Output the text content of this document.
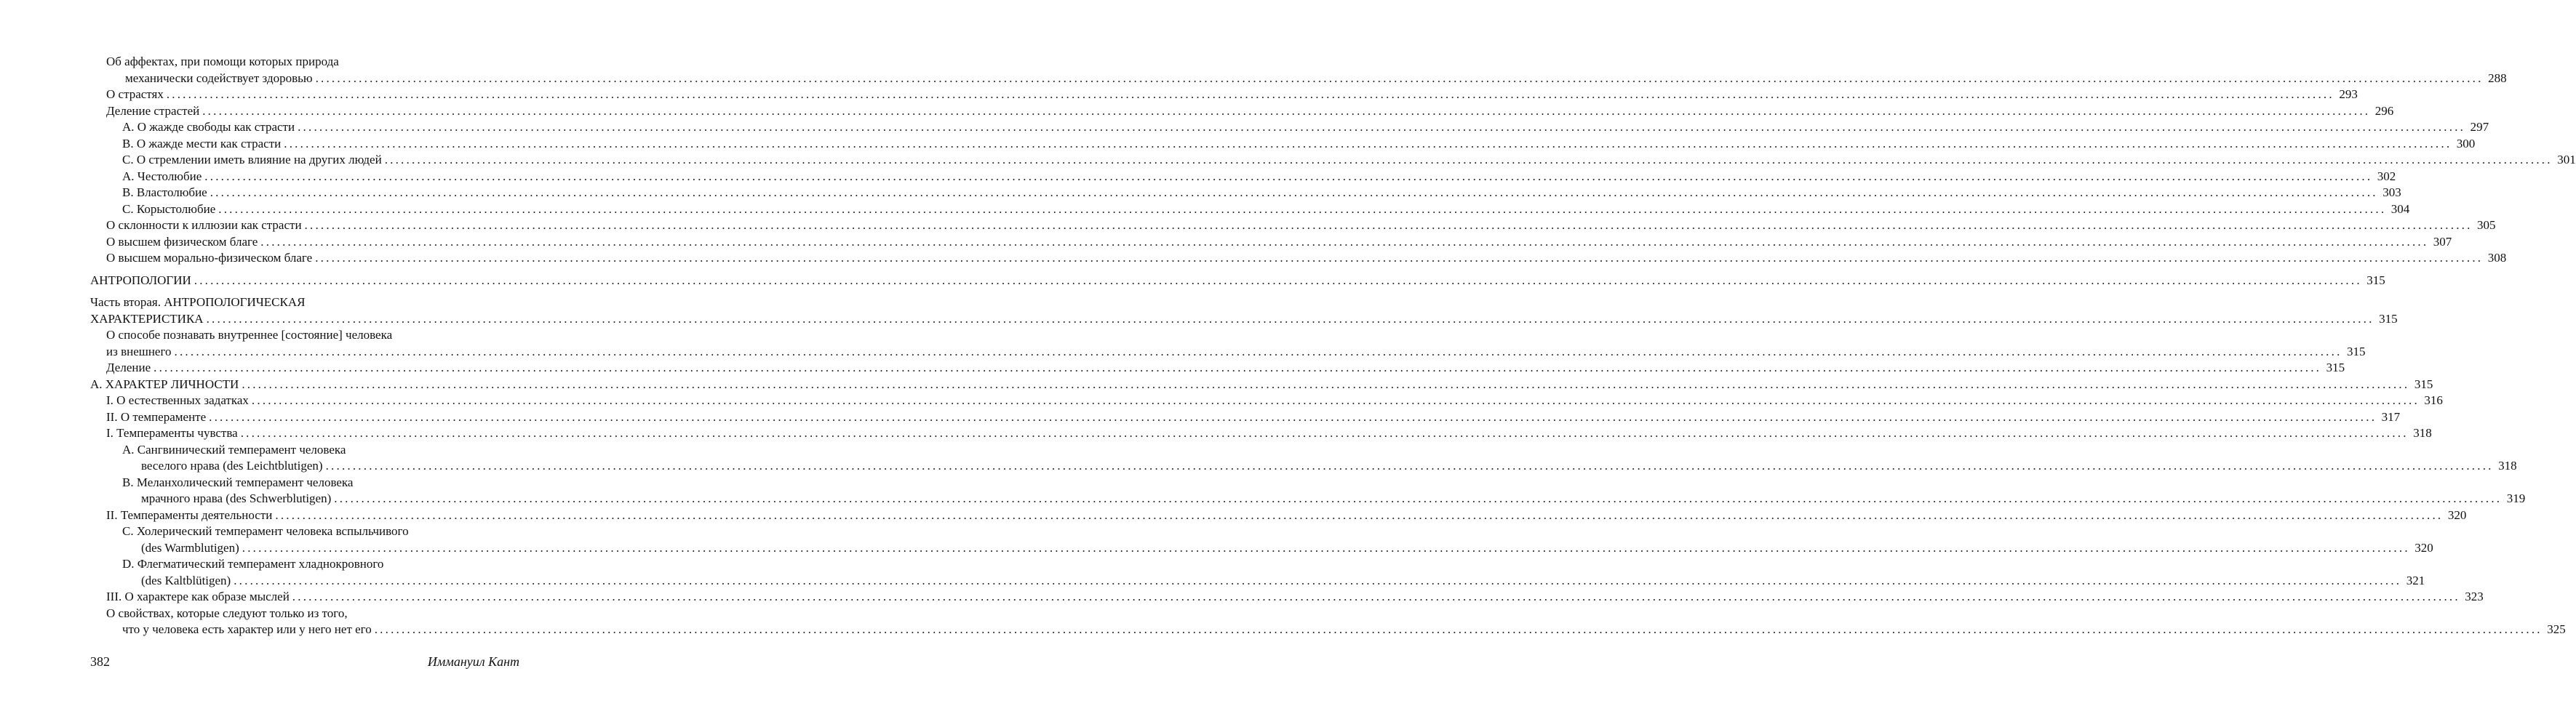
Об аффектах, при помощи которых природа
механически содействует здоровью ................................................................................................................................................................................................................................................................................................................................................................................................................ 288
О страстях ................................................................................................................................................................................................................................................................................................................................................................................................................ 293
Деление страстей ................................................................................................................................................................................................................................................................................................................................................................................................................ 296
A. О жажде свободы как страсти ................................................................................................................................................................................................................................................................................................................................................................................................................ 297
B. О жажде мести как страсти ................................................................................................................................................................................................................................................................................................................................................................................................................ 300
C. О стремлении иметь влияние на других людей ................................................................................................................................................................................................................................................................................................................................................................................................................ 301
A. Честолюбие ................................................................................................................................................................................................................................................................................................................................................................................................................ 302
B. Властолюбие ................................................................................................................................................................................................................................................................................................................................................................................................................ 303
C. Корыстолюбие ................................................................................................................................................................................................................................................................................................................................................................................................................ 304
О склонности к иллюзии как страсти ................................................................................................................................................................................................................................................................................................................................................................................................................ 305
О высшем физическом благе ................................................................................................................................................................................................................................................................................................................................................................................................................ 307
О высшем морально-физическом благе ................................................................................................................................................................................................................................................................................................................................................................................................................ 308
АНТРОПОЛОГИИ ................................................................................................................................................................................................................................................................................................................................................................................................................ 315
Часть вторая. АНТРОПОЛОГИЧЕСКАЯ
ХАРАКТЕРИСТИКА ................................................................................................................................................................................................................................................................................................................................................................................................................ 315
О способе познавать внутреннее [состояние] человека
из внешнего ................................................................................................................................................................................................................................................................................................................................................................................................................ 315
Деление ................................................................................................................................................................................................................................................................................................................................................................................................................ 315
A. ХАРАКТЕР ЛИЧНОСТИ ................................................................................................................................................................................................................................................................................................................................................................................................................ 315
I. О естественных задатках ................................................................................................................................................................................................................................................................................................................................................................................................................ 316
II. О темпераменте ................................................................................................................................................................................................................................................................................................................................................................................................................ 317
I. Темпераменты чувства ................................................................................................................................................................................................................................................................................................................................................................................................................ 318
A. Сангвинический темперамент человека
веселого нрава (des Leichtblutigen) ................................................................................................................................................................................................................................................................................................................................................................................................................ 318
B. Меланхолический темперамент человека
мрачного нрава (des Schwerblutigen) ................................................................................................................................................................................................................................................................................................................................................................................................................ 319
II. Темпераменты деятельности ................................................................................................................................................................................................................................................................................................................................................................................................................ 320
C. Холерический темперамент человека вспыльчивого
(des Warmblutigen) ................................................................................................................................................................................................................................................................................................................................................................................................................ 320
D. Флегматический темперамент хладнокровного
(des Kaltblütigen) ................................................................................................................................................................................................................................................................................................................................................................................................................ 321
III. О характере как образе мыслей ................................................................................................................................................................................................................................................................................................................................................................................................................ 323
О свойствах, которые следуют только из того,
что у человека есть характер или у него нет его ................................................................................................................................................................................................................................................................................................................................................................................................................ 325
382	Иммануил Кант
